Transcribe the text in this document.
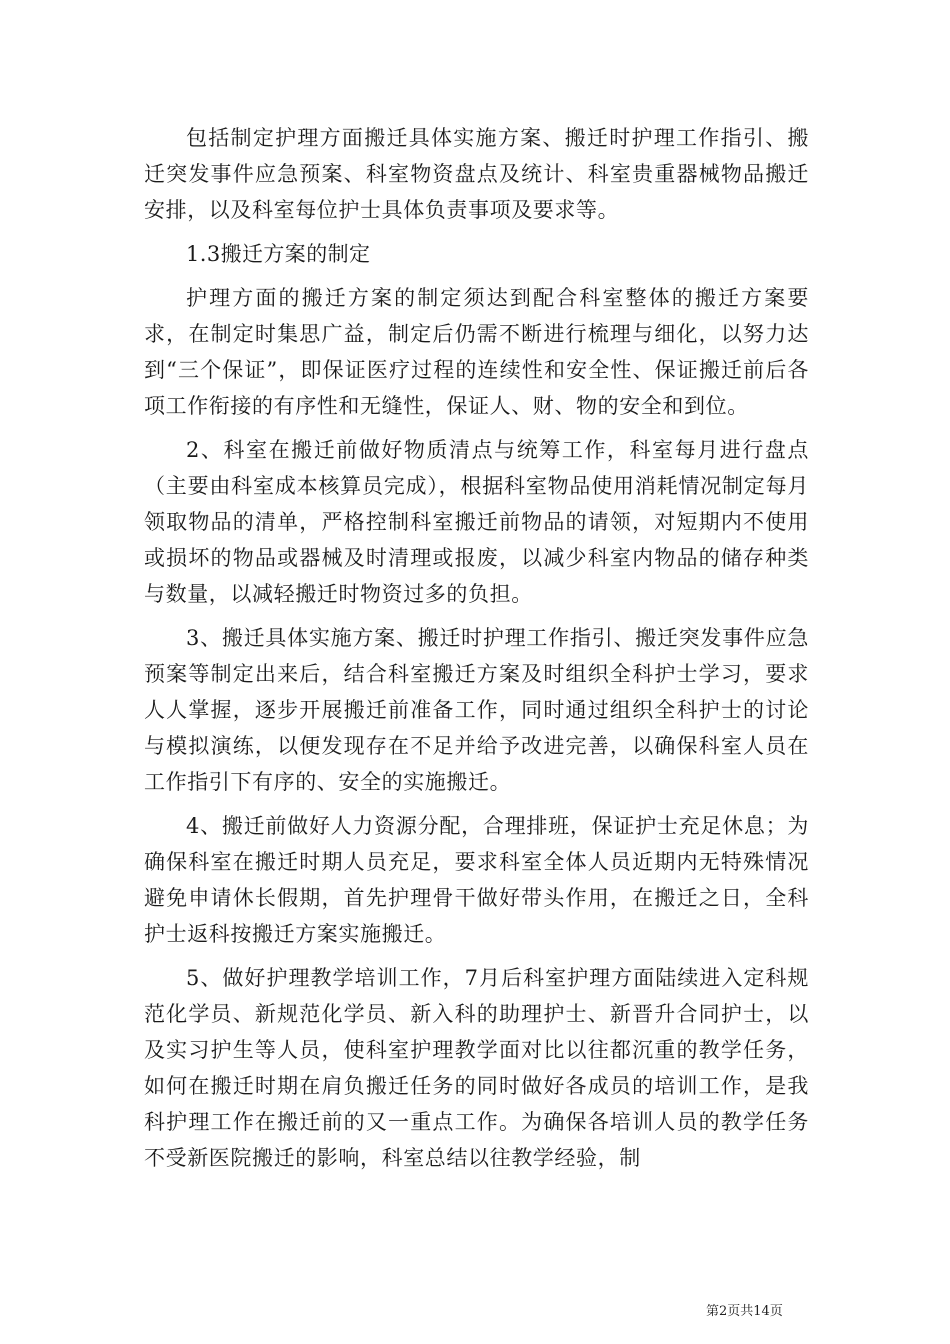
包括制定护理方面搬迁具体实施方案、搬迁时护理工作指引、搬迁突发事件应急预案、科室物资盘点及统计、科室贵重器械物品搬迁安排，以及科室每位护士具体负责事项及要求等。

1.3搬迁方案的制定

护理方面的搬迁方案的制定须达到配合科室整体的搬迁方案要求，在制定时集思广益，制定后仍需不断进行梳理与细化，以努力达到“三个保证”，即保证医疗过程的连续性和安全性、保证搬迁前后各项工作衔接的有序性和无缝性，保证人、财、物的安全和到位。

2、科室在搬迁前做好物质清点与统筹工作，科室每月进行盘点（主要由科室成本核算员完成），根据科室物品使用消耗情况制定每月领取物品的清单，严格控制科室搬迁前物品的请领，对短期内不使用或损坏的物品或器械及时清理或报废，以减少科室内物品的储存种类与数量，以减轻搬迁时物资过多的负担。

3、搬迁具体实施方案、搬迁时护理工作指引、搬迁突发事件应急预案等制定出来后，结合科室搬迁方案及时组织全科护士学习，要求人人掌握，逐步开展搬迁前准备工作，同时通过组织全科护士的讨论与模拟演练，以便发现存在不足并给予改进完善，以确保科室人员在工作指引下有序的、安全的实施搬迁。

4、搬迁前做好人力资源分配，合理排班，保证护士充足休息；为确保科室在搬迁时期人员充足，要求科室全体人员近期内无特殊情况避免申请休长假期，首先护理骨干做好带头作用，在搬迁之日，全科护士返科按搬迁方案实施搬迁。

5、做好护理教学培训工作，7月后科室护理方面陆续进入定科规范化学员、新规范化学员、新入科的助理护士、新晋升合同护士，以及实习护生等人员，使科室护理教学面对比以往都沉重的教学任务，如何在搬迁时期在肩负搬迁任务的同时做好各成员的培训工作，是我科护理工作在搬迁前的又一重点工作。为确保各培训人员的教学任务不受新医院搬迁的影响，科室总结以往教学经验，制

第2页共14页
